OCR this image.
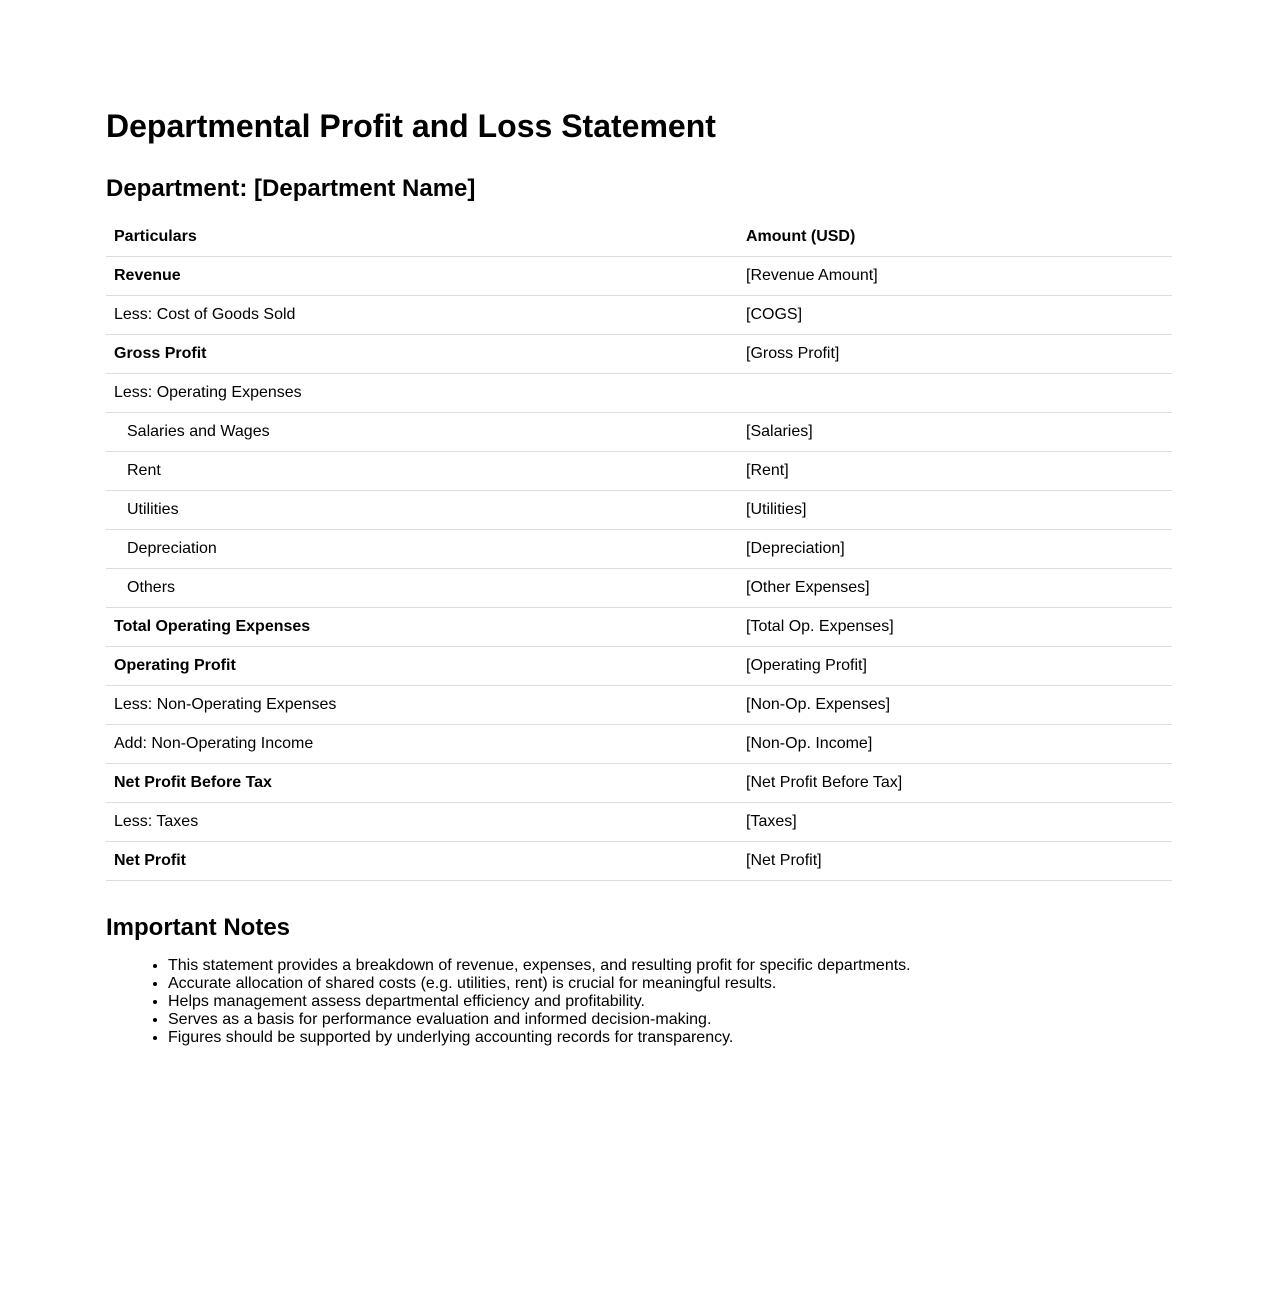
Departmental Profit and Loss Statement
Department: [Department Name]
Particulars	Amount (USD)
Revenue	[Revenue Amount]
Less: Cost of Goods Sold	[COGS]
Gross Profit	[Gross Profit]
Less: Operating Expenses	
Salaries and Wages	[Salaries]
Rent	[Rent]
Utilities	[Utilities]
Depreciation	[Depreciation]
Others	[Other Expenses]
Total Operating Expenses	[Total Op. Expenses]
Operating Profit	[Operating Profit]
Less: Non-Operating Expenses	[Non-Op. Expenses]
Add: Non-Operating Income	[Non-Op. Income]
Net Profit Before Tax	[Net Profit Before Tax]
Less: Taxes	[Taxes]
Net Profit	[Net Profit]
Important Notes
• This statement provides a breakdown of revenue, expenses, and resulting profit for specific departments.
• Accurate allocation of shared costs (e.g. utilities, rent) is crucial for meaningful results.
• Helps management assess departmental efficiency and profitability.
• Serves as a basis for performance evaluation and informed decision-making.
• Figures should be supported by underlying accounting records for transparency.
